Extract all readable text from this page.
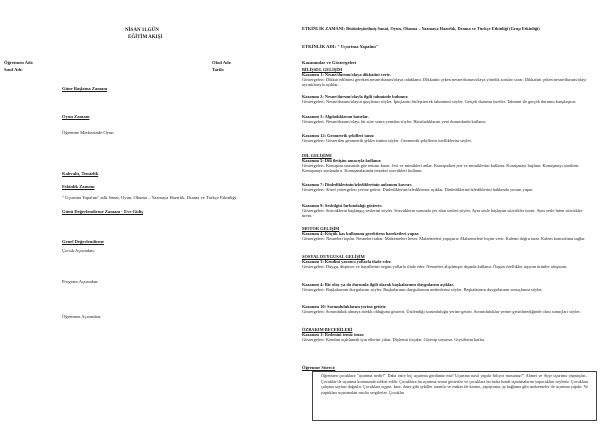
NİSAN 11.GÜN
EĞİTİM AKIŞI
Öğretmen Adı:	Okul Adı:
Sınıf Adı:	Tarih:
Güne Başlama Zamanı
Oyun Zamanı
Öğrenme Merkezinde Oyun
Kahvaltı, Temizlik
Etkinlik Zamanı
" Uçurtma Yapalım" adlı Sanat, Oyun, Okuma – Yazmaya Hazırlık, Drama ve Türkçe Etkinliği
Günü Değerlendirme Zamanı - Eve Gidiş
Genel Değerlendirme
Çocuk Açısından;
Program Açısından;
Öğretmen Açısından;
ETKİNLİK ZAMANI: Bütünleştirilmiş Sanat, Oyun, Okuma – Yazmaya Hazırlık, Drama ve Türkçe Etkinliği (Grup Etkinliği)
ETKİNLİK ADI: " Uçurtma Yapalım"
Kazanımlar ve Göstergeleri
BİLİŞSEL GELİŞİM
Kazanım 1: Nesne/durum/olaya dikkatini verir.
Göstergeleri: Dikkat edilmesi gereken nesne/durum/olaya odaklanır. Dikkatini çeken nesne/durum/olaya yönelik sorular sorar. Dikkatini çeken nesne/durum/olayı ayrıntılarıyla açıklar.
Kazanım 2: Nesne/durum/olayla ilgili tahminde bulunur.
Göstergeleri: Nesne/durum/olayın ipuçlarını söyler. İpuçlarını birleştirerek tahminini söyler. Gerçek durumu inceler. Tahmini ile gerçek durumu karşılaştırır.
Kazanım 3: Algıladıklarını hatırlar.
Göstergeleri: Nesne/durum/olayı bir süre sonra yeniden söyler. Hatırladıklarını yeni durumlarda kullanır.
Kazanım 12: Geometrik şekilleri tanır.
Göstergeleri: Gösterilen geometrik şeklin ismini söyler. Geometrik şekillerin özelliklerini söyler.
DİL GELİŞİMİ
Kazanım 5: Dili iletişim amacıyla kullanır.
Göstergeleri: Konuşma sırasında göz teması kurar. Jest ve mimikleri anlar. Konuşurken jest ve mimiklerini kullanır. Konuşmayı başlatır. Konuşmayı sürdürür. Konuşmayı sonlandırır. Konuşmalarında nezaket sözcükleri kullanır.
Kazanım 7: Dinlediklerinin/izlediklerinin anlamını kavrar.
Göstergeleri: Sözel yönergeleri yerine getirir. Dinlediklerini/izlediklerini açıklar. Dinlediklerini/izlediklerini hakkında yorum yapar.
Kazanım 9: Sesbilgisi farkındalığı gösterir.
Göstergeleri: Sözcüklerin başlangıç seslerini söyler. Sözcüklerin sonunda yer alan sesleri söyler. Aynı sesle başlayan sözcükler üretir. Aynı sesle biten sözcükler üretir.
MOTOR GELİŞİM
Kazanım 4: Küçük kas kullanımı gerektiren hareketleri yapar.
Göstergeleri: Nesneleri toplar. Nesneleri takar. Malzemeleri keser. Malzemeleri yapıştırır. Malzemelere biçim verir. Kalemi doğru tutar. Kalem kontrolünü sağlar.
SOSYAL DUYGUSAL GELİŞİM
Kazanım 3: Kendini yaratıcı yollarla ifade eder.
Göstergeleri: Duygu, düşünce ve hayallerini özgün yollarla ifade eder. Nesneleri alışılmışın dışında kullanır. Özgün özellikler taşıyan ürünler oluşturur.
Kazanım 4: Bir olay ya da durumla ilgili olarak başkalarının duygularını açıklar.
Göstergeleri: Başkalarının duygularını söyler. Başkalarının duygularının nedenlerini söyler. Başkalarının duygularının sonuçlarını söyler.
Kazanım 10: Sorumluluklarını yerine getirir.
Göstergeleri: Sorumluluk almaya istekli olduğunu gösterir. Üstlendiği sorumluluğu yerine getirir. Sorumluluklar yerine getirilmediğinde olası sonuçları söyler.
ÖZBAKIM BECERİLERİ
Kazanım 1: Bedenini temiz tutar.
Göstergeleri: Kendini açıklamak için ellerini yıkar. Dişlerini fırçalar. Giyinip soyunur. Giysilerini katlar.
Öğrenme Süreci:
Öğretmen çocuklara "uçurtma nedir?" Daha önce hiç uçurtma gördünüz mü? Uçurtma nasıl yapılır biliyor musunuz?" Ahmet ve Ayşe uçurtma yapmışlar... Çocuklar ile uçurtma konusunda sohbet edilir. Çocuklara bu uçurtma resmi gösterilir ve çocuklara bu hafta kendi uçurtmalarını yapacakları söylenir. Çocuklara çalışma sayfası dağıtılır. Çocuklara üçgen, kare, daire gibi şekiller tanıtılır ve makas ile kesme, yapıştırma, ip bağlama gibi malzemeler ile uçurtma yapılır. Ve yaptıkları uçurtmaları sınıfta sergilerler. Çocuklar
